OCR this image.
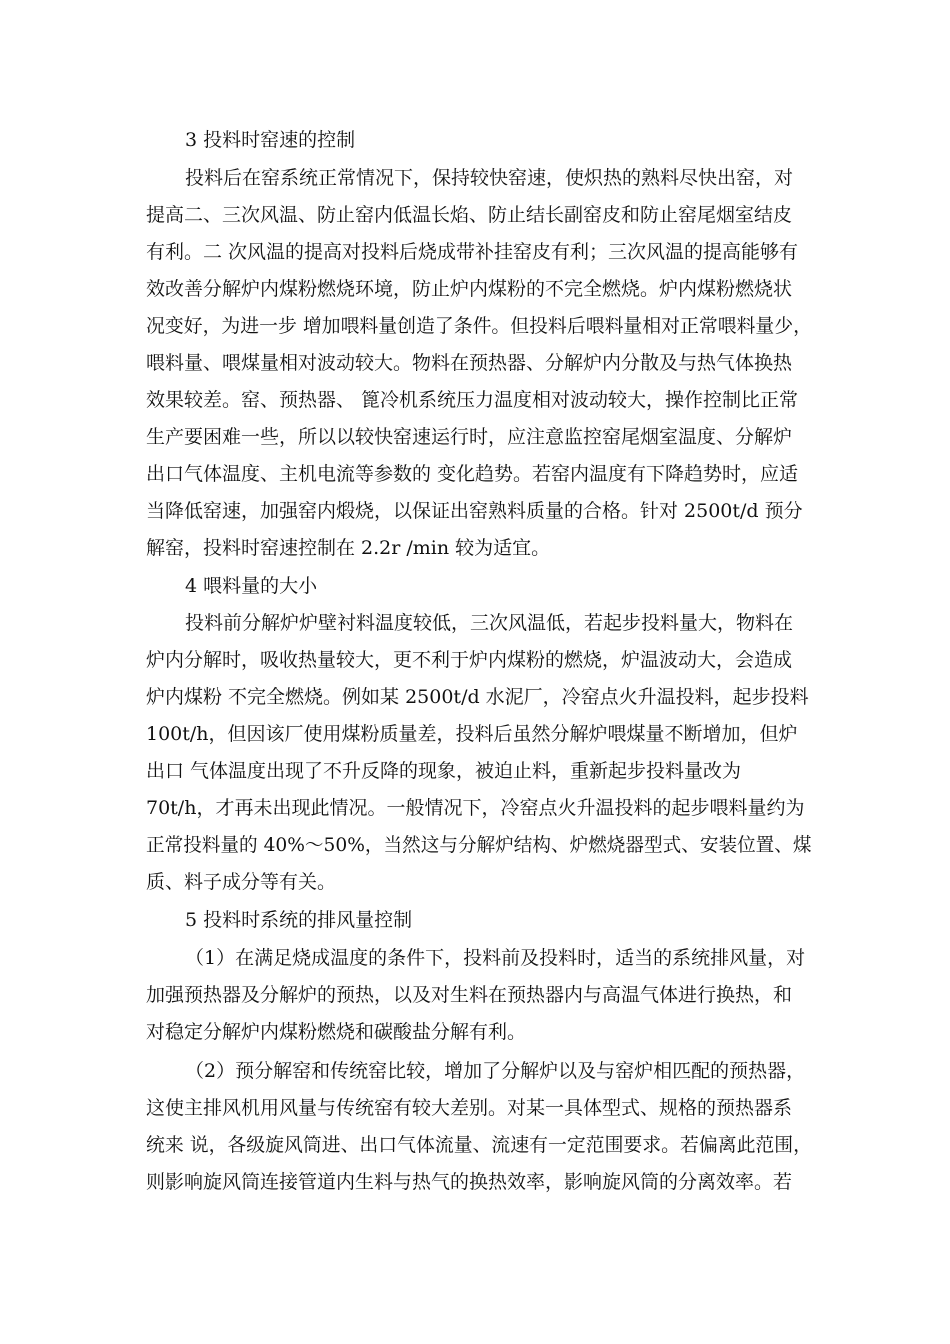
3 投料时窑速的控制
投料后在窑系统正常情况下，保持较快窑速，使炽热的熟料尽快出窑，对
提高二、三次风温、防止窑内低温长焰、防止结长副窑皮和防止窑尾烟室结皮
有利。二 次风温的提高对投料后烧成带补挂窑皮有利；三次风温的提高能够有
效改善分解炉内煤粉燃烧环境，防止炉内煤粉的不完全燃烧。炉内煤粉燃烧状
况变好，为进一步 增加喂料量创造了条件。但投料后喂料量相对正常喂料量少，
喂料量、喂煤量相对波动较大。物料在预热器、分解炉内分散及与热气体换热
效果较差。窑、预热器、 篦冷机系统压力温度相对波动较大，操作控制比正常
生产要困难一些，所以以较快窑速运行时，应注意监控窑尾烟室温度、分解炉
出口气体温度、主机电流等参数的 变化趋势。若窑内温度有下降趋势时，应适
当降低窑速，加强窑内煅烧，以保证出窑熟料质量的合格。针对 2500t/d 预分
解窑，投料时窑速控制在 2.2r /min 较为适宜。
4 喂料量的大小
投料前分解炉炉壁衬料温度较低，三次风温低，若起步投料量大，物料在
炉内分解时，吸收热量较大，更不利于炉内煤粉的燃烧，炉温波动大，会造成
炉内煤粉 不完全燃烧。例如某 2500t/d 水泥厂，冷窑点火升温投料，起步投料
100t/h，但因该厂使用煤粉质量差，投料后虽然分解炉喂煤量不断增加，但炉
出口 气体温度出现了不升反降的现象，被迫止料，重新起步投料量改为
70t/h，才再未出现此情况。一般情况下，冷窑点火升温投料的起步喂料量约为
正常投料量的 40%～50%，当然这与分解炉结构、炉燃烧器型式、安装位置、煤
质、料子成分等有关。
5 投料时系统的排风量控制
（1）在满足烧成温度的条件下，投料前及投料时，适当的系统排风量，对
加强预热器及分解炉的预热，以及对生料在预热器内与高温气体进行换热，和
对稳定分解炉内煤粉燃烧和碳酸盐分解有利。
（2）预分解窑和传统窑比较，增加了分解炉以及与窑炉相匹配的预热器，
这使主排风机用风量与传统窑有较大差别。对某一具体型式、规格的预热器系
统来 说，各级旋风筒进、出口气体流量、流速有一定范围要求。若偏离此范围，
则影响旋风筒连接管道内生料与热气的换热效率，影响旋风筒的分离效率。若
